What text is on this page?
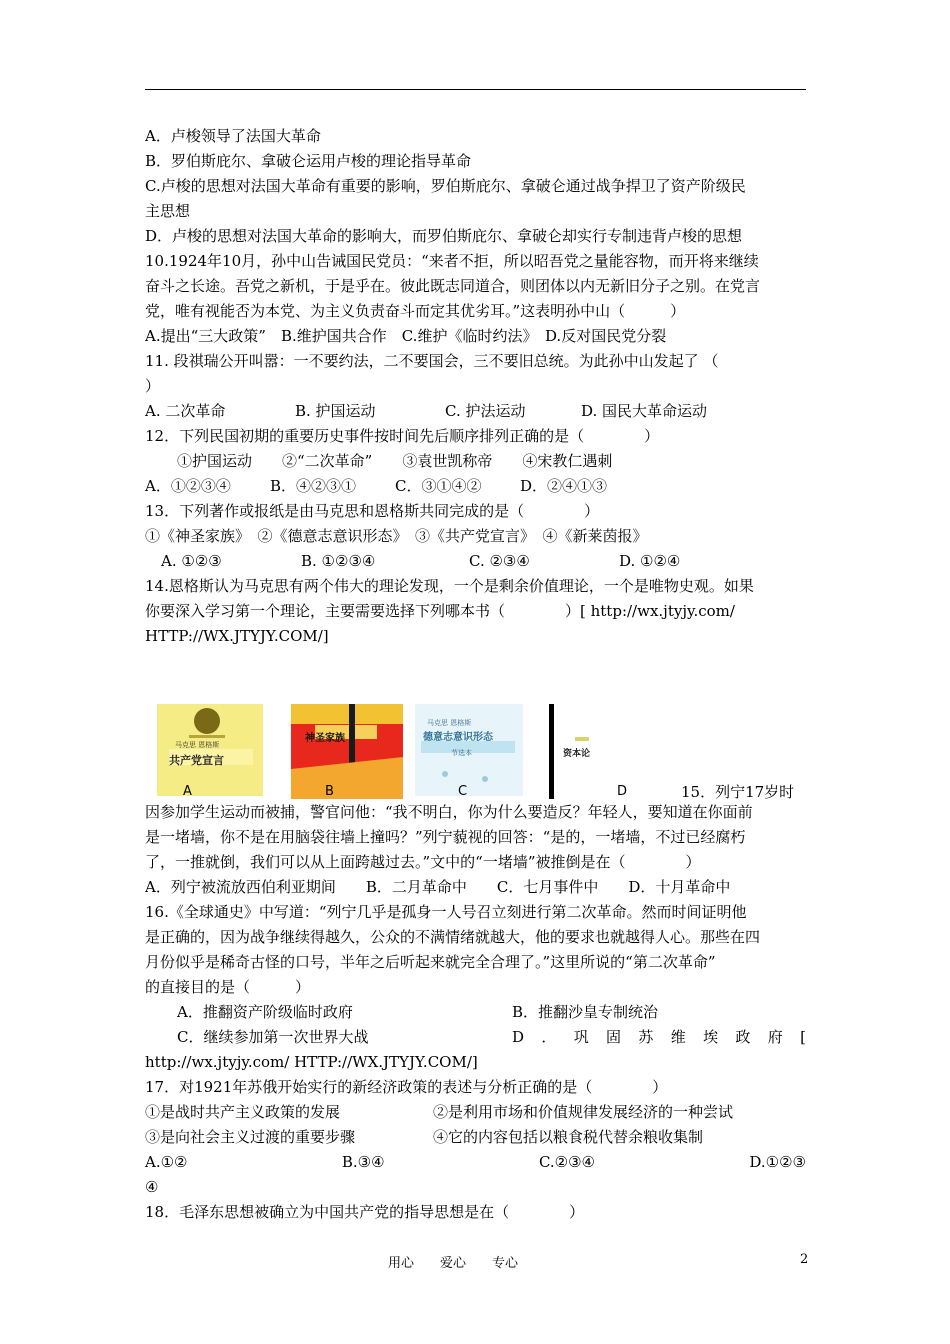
A．卢梭领导了法国大革命
B．罗伯斯庇尔、拿破仑运用卢梭的理论指导革命
C.卢梭的思想对法国大革命有重要的影响，罗伯斯庇尔、拿破仑通过战争捍卫了资产阶级民
主思想
D．卢梭的思想对法国大革命的影响大，而罗伯斯庇尔、拿破仑却实行专制违背卢梭的思想
10.1924年10月，孙中山告诫国民党员：“来者不拒，所以昭吾党之量能容物，而开将来继续
奋斗之长途。吾党之新机，于是乎在。彼此既志同道合，则团体以内无新旧分子之别。在党言
党，唯有视能否为本党、为主义负责奋斗而定其优劣耳。”这表明孙中山（　　　）
A.提出“三大政策”　B.维护国共合作　C.维护《临时约法》　D.反对国民党分裂
11. 段祺瑞公开叫嚣：一不要约法，二不要国会，三不要旧总统。为此孙中山发起了 （
）
A. 二次革命	B. 护国运动	C. 护法运动	D. 国民大革命运动
12．下列民国初期的重要历史事件按时间先后顺序排列正确的是（　　　　）
①护国运动　　②“二次革命”　　③袁世凯称帝　　④宋教仁遇刺
A．①②③④	B．④②③①	C．③①④②	D．②④①③
13．下列著作或报纸是由马克思和恩格斯共同完成的是（　　　　）
①《神圣家族》　②《德意志意识形态》　③《共产党宣言》　④《新莱茵报》
A. ①②③	B. ①②③④	C. ②③④	D. ①②④
14.恩格斯认为马克思有两个伟大的理论发现，一个是剩余价值理论，一个是唯物史观。如果
你要深入学习第一个理论，主要需要选择下列哪本书（　　　　）[ http://wx.jtyjy.com/
HTTP://WX.JTYJY.COM/]
共产党宣言
马克思 恩格斯
神圣家族
马克思 恩格斯
德意志意识形态
节选本	资本论
A	B	C	D	15．列宁17岁时
因参加学生运动而被捕，警官问他：“我不明白，你为什么要造反？年轻人，要知道在你面前
是一堵墙，你不是在用脑袋往墙上撞吗？”列宁藐视的回答：“是的，一堵墙，不过已经腐朽
了，一推就倒，我们可以从上面跨越过去。”文中的“一堵墙”被推倒是在（　　　　）
A．列宁被流放西伯利亚期间　　B．二月革命中　　C．七月事件中　　D．十月革命中
16.《全球通史》中写道：“列宁几乎是孤身一人号召立刻进行第二次革命。然而时间证明他
是正确的，因为战争继续得越久，公众的不满情绪就越大，他的要求也就越得人心。那些在四
月份似乎是稀奇古怪的口号，半年之后听起来就完全合理了。”这里所说的“第二次革命”
的直接目的是（　　　）
A．推翻资产阶级临时政府	B．推翻沙皇专制统治
C．继续参加第一次世界大战	D ． 巩 固 苏 维 埃 政 府 [
http://wx.jtyjy.com/ HTTP://WX.JTYJY.COM/]
17．对1921年苏俄开始实行的新经济政策的表述与分析正确的是（　　　　）
①是战时共产主义政策的发展	②是利用市场和价值规律发展经济的一种尝试
③是向社会主义过渡的重要步骤	④它的内容包括以粮食税代替余粮收集制
A.①②	B.③④	C.②③④	D.①②③
④
18．毛泽东思想被确立为中国共产党的指导思想是在（　　　　）
用心　　爱心　　专心	2
